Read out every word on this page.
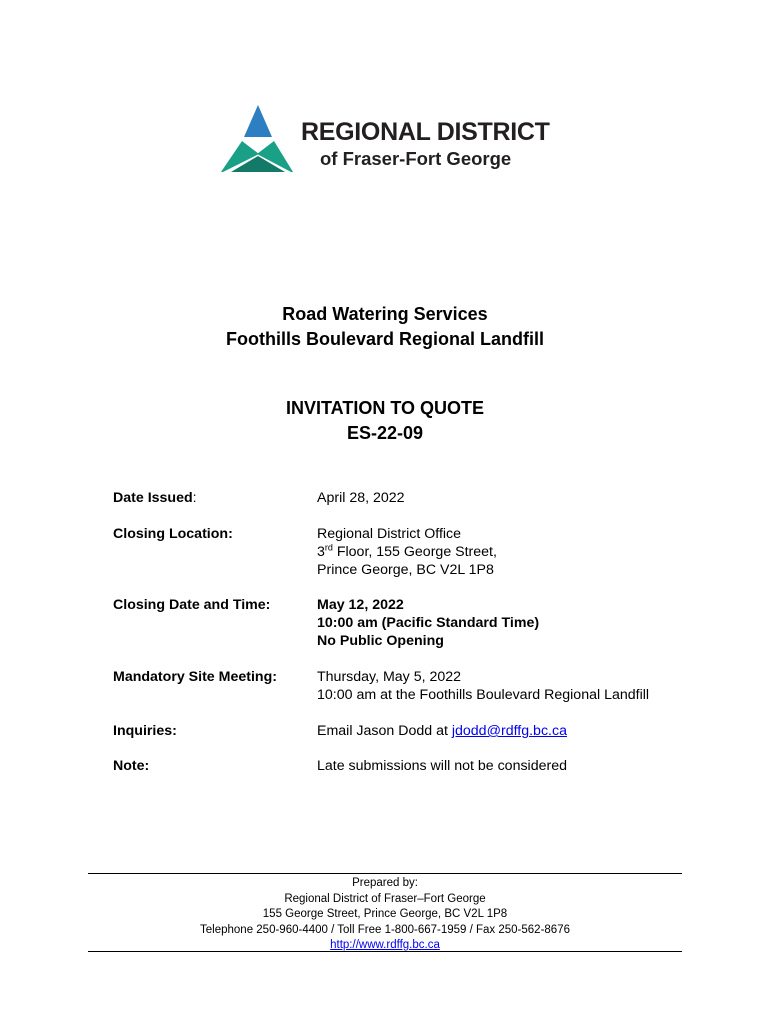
REGIONAL DISTRICT
of Fraser-Fort George
Road Watering Services
Foothills Boulevard Regional Landfill
INVITATION TO QUOTE
ES-22-09
Date Issued:	April 28, 2022
Closing Location:	Regional District Office
3rd Floor, 155 George Street,
Prince George, BC V2L 1P8
Closing Date and Time:	May 12, 2022
10:00 am (Pacific Standard Time)
No Public Opening
Mandatory Site Meeting:	Thursday, May 5, 2022
10:00 am at the Foothills Boulevard Regional Landfill
Inquiries:	Email Jason Dodd at jdodd@rdffg.bc.ca
Note:	Late submissions will not be considered
Prepared by:
Regional District of Fraser–Fort George
155 George Street, Prince George, BC V2L 1P8
Telephone 250-960-4400 / Toll Free 1-800-667-1959 / Fax 250-562-8676
http://www.rdffg.bc.ca
